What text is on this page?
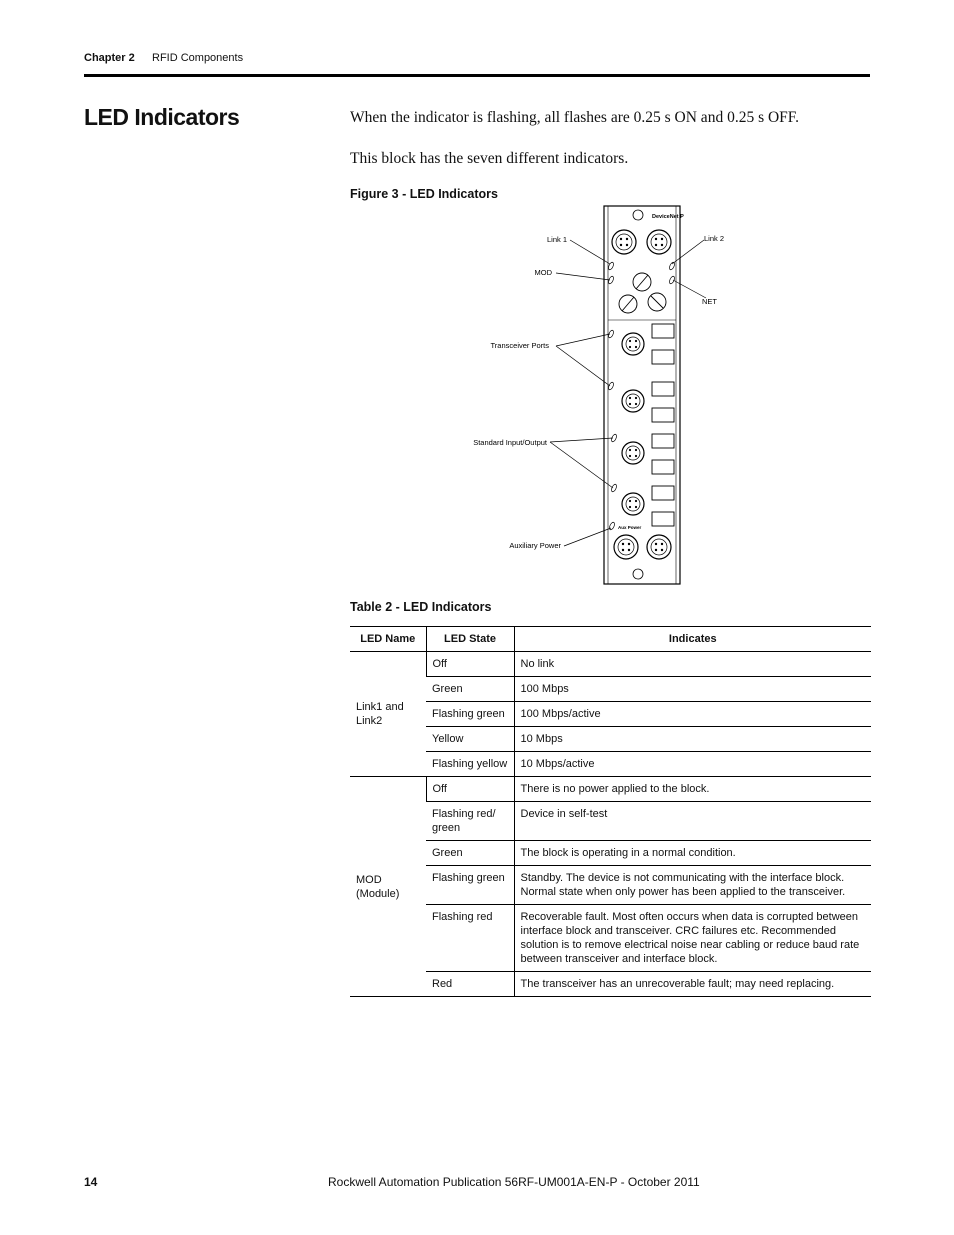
Chapter 2 RFID Components
LED Indicators	When the indicator is flashing, all flashes are 0.25 s ON and 0.25 s OFF.

This block has the seven different indicators.

Figure 3 - LED Indicators
DeviceNet P
Aux Power
Link 1
MOD
Link 2
NET
Transceiver Ports
Standard Input/Output
Auxiliary Power
Table 2 - LED Indicators
LED Name	LED State	Indicates
Link1 and Link2	Off	No link
	Green	100 Mbps
	Flashing green	100 Mbps/active
	Yellow	10 Mbps
	Flashing yellow	10 Mbps/active
MOD (Module)	Off	There is no power applied to the block.
	Flashing red/ green	Device in self-test
	Green	The block is operating in a normal condition.
	Flashing green	Standby. The device is not communicating with the interface block. Normal state when only power has been applied to the transceiver.
	Flashing red	Recoverable fault. Most often occurs when data is corrupted between interface block and transceiver. CRC failures etc. Recommended solution is to remove electrical noise near cabling or reduce baud rate between transceiver and interface block.
	Red	The transceiver has an unrecoverable fault; may need replacing.
14	Rockwell Automation Publication 56RF-UM001A-EN-P - October 2011
